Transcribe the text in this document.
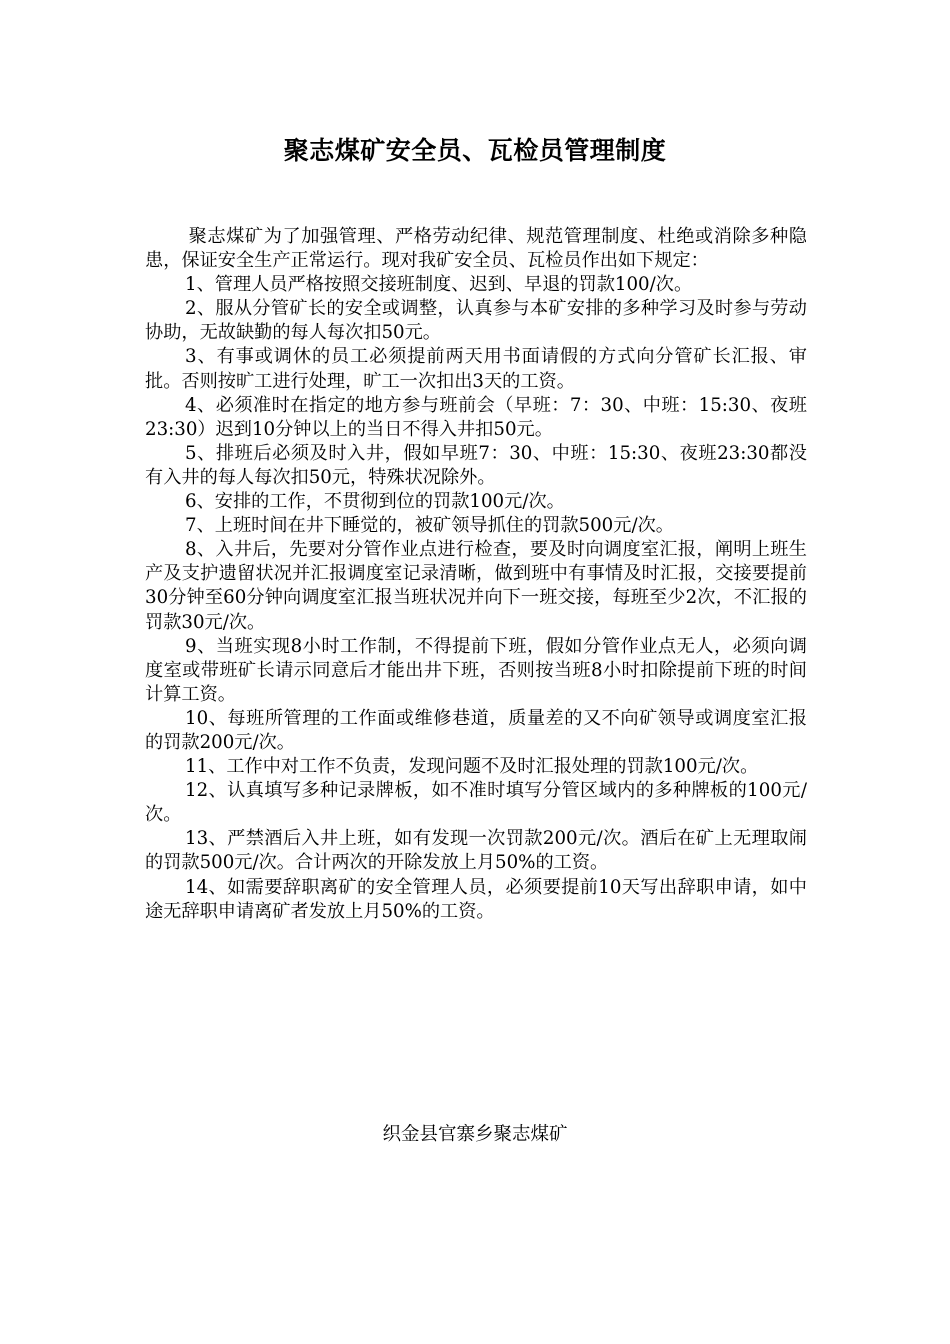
聚志煤矿安全员、瓦检员管理制度

聚志煤矿为了加强管理、严格劳动纪律、规范管理制度、杜绝或消除多种隐患，保证安全生产正常运行。现对我矿安全员、瓦检员作出如下规定：

1、管理人员严格按照交接班制度、迟到、早退的罚款100/次。

2、服从分管矿长的安全或调整，认真参与本矿安排的多种学习及时参与劳动协助，无故缺勤的每人每次扣50元。

3、有事或调休的员工必须提前两天用书面请假的方式向分管矿长汇报、审批。否则按旷工进行处理，旷工一次扣出3天的工资。

4、必须准时在指定的地方参与班前会（早班：7：30、中班：15:30、夜班23:30）迟到10分钟以上的当日不得入井扣50元。

5、排班后必须及时入井，假如早班7：30、中班：15:30、夜班23:30都没有入井的每人每次扣50元，特殊状况除外。

6、安排的工作，不贯彻到位的罚款100元/次。

7、上班时间在井下睡觉的，被矿领导抓住的罚款500元/次。

8、入井后，先要对分管作业点进行检查，要及时向调度室汇报，阐明上班生产及支护遗留状况并汇报调度室记录清晰，做到班中有事情及时汇报，交接要提前30分钟至60分钟向调度室汇报当班状况并向下一班交接，每班至少2次，不汇报的罚款30元/次。

9、当班实现8小时工作制，不得提前下班，假如分管作业点无人，必须向调度室或带班矿长请示同意后才能出井下班，否则按当班8小时扣除提前下班的时间计算工资。

10、每班所管理的工作面或维修巷道，质量差的又不向矿领导或调度室汇报的罚款200元/次。

11、工作中对工作不负责，发现问题不及时汇报处理的罚款100元/次。

12、认真填写多种记录牌板，如不准时填写分管区域内的多种牌板的100元/次。

13、严禁酒后入井上班，如有发现一次罚款200元/次。酒后在矿上无理取闹的罚款500元/次。合计两次的开除发放上月50%的工资。

14、如需要辞职离矿的安全管理人员，必须要提前10天写出辞职申请，如中途无辞职申请离矿者发放上月50%的工资。

织金县官寨乡聚志煤矿
